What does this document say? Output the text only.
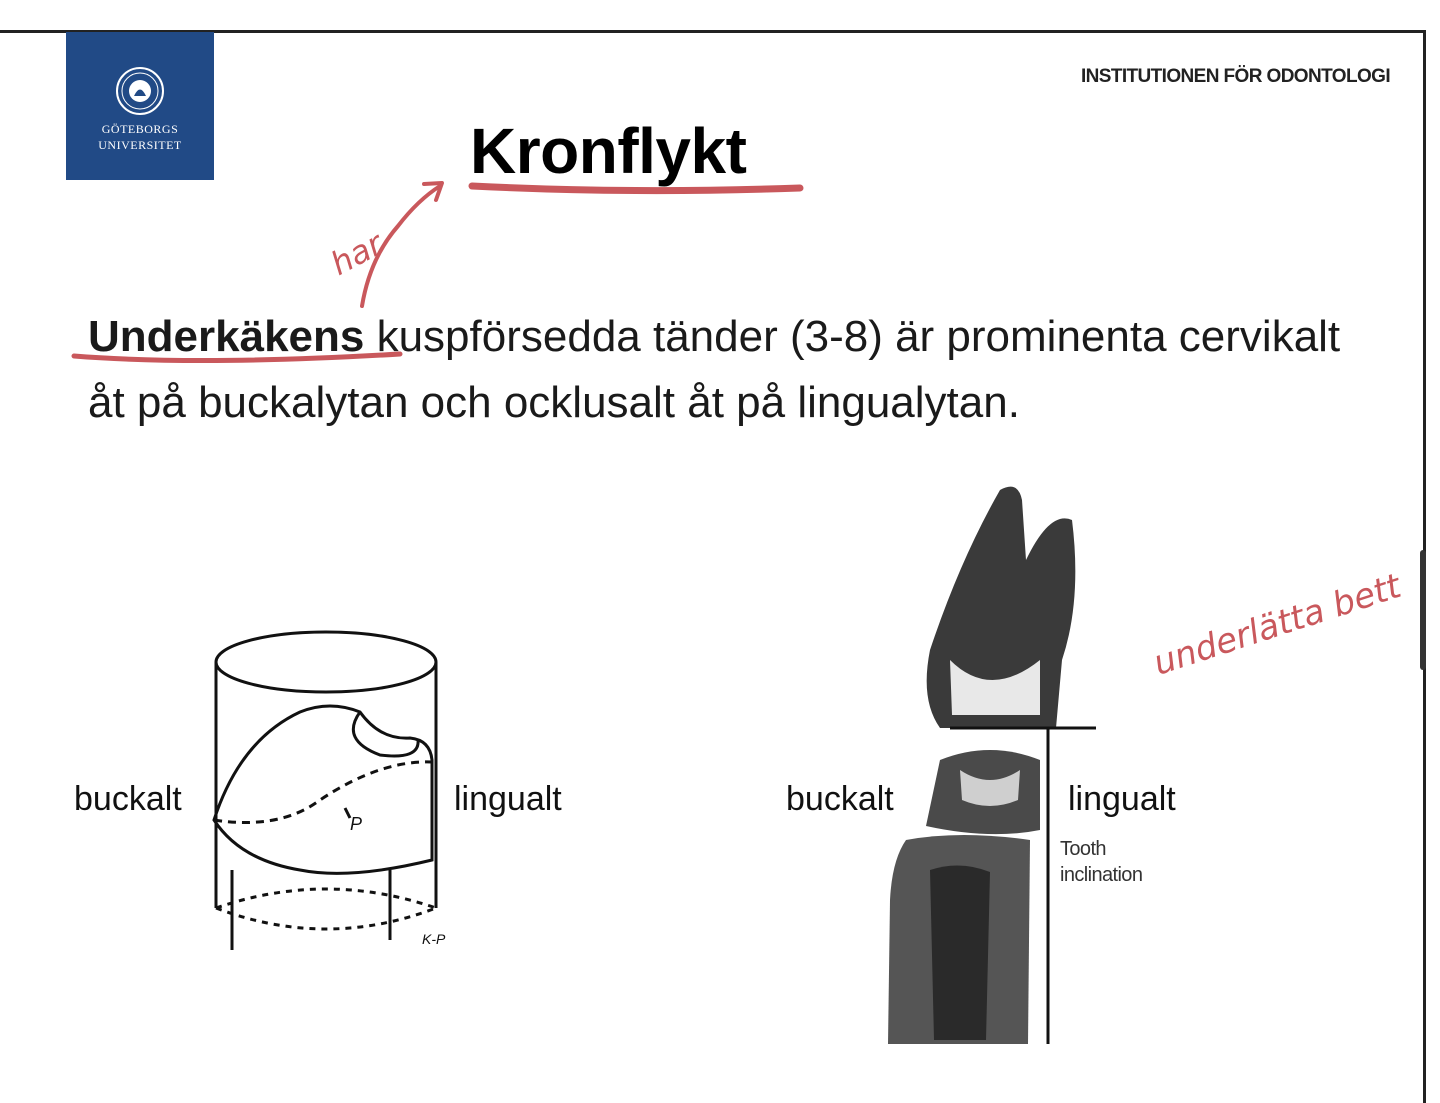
GÖTEBORGS
UNIVERSITET
INSTITUTIONEN FÖR ODONTOLOGI
Kronflykt
Underkäkens kuspförsedda tänder (3-8) är prominenta cervikalt åt på buckalytan och ocklusalt åt på lingualytan.
har
underlätta bett
P
K-P
buckalt	lingualt	buckalt	lingualt
Tooth
inclination
